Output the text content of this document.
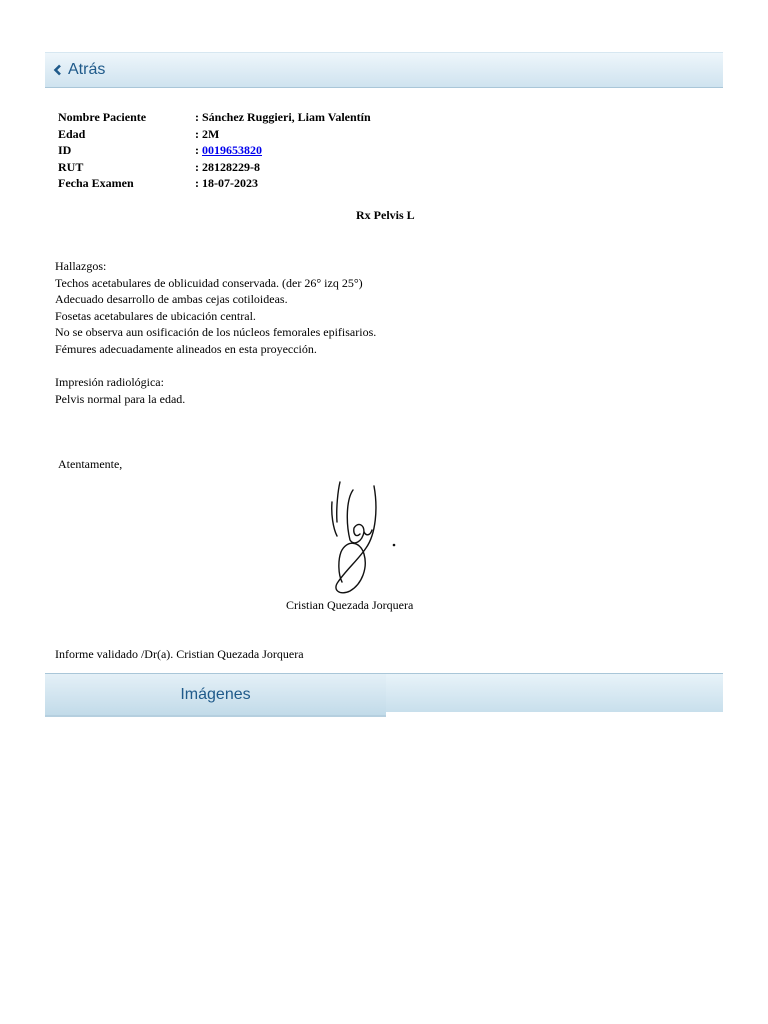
Atrás
Nombre Paciente	: Sánchez Ruggieri, Liam Valentín
Edad	: 2M
ID	: 0019653820
RUT	: 28128229-8
Fecha Examen	: 18-07-2023
Rx Pelvis L
Hallazgos:
Techos acetabulares de oblicuidad conservada. (der 26° izq 25°)
Adecuado desarrollo de ambas cejas cotiloideas.
Fosetas acetabulares de ubicación central.
No se observa aun osificación de los núcleos femorales epifisarios.
Fémures adecuadamente alineados en esta proyección.
Impresión radiológica:
Pelvis normal para la edad.
Atentamente,
Cristian Quezada Jorquera
Informe validado /Dr(a). Cristian Quezada Jorquera
Imágenes
